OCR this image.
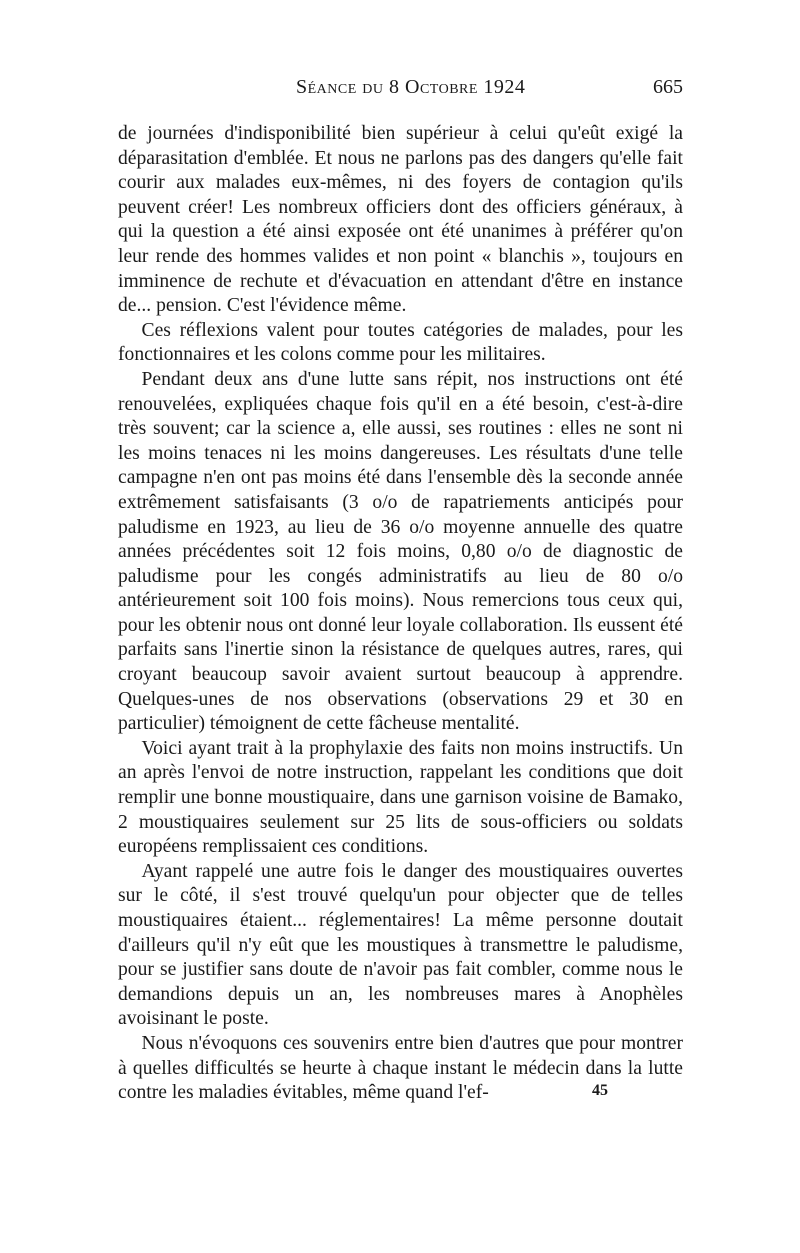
Séance du 8 Octobre 1924	665

de journées d'indisponibilité bien supérieur à celui qu'eût exigé la déparasitation d'emblée. Et nous ne parlons pas des dangers qu'elle fait courir aux malades eux-mêmes, ni des foyers de contagion qu'ils peuvent créer! Les nombreux officiers dont des officiers généraux, à qui la question a été ainsi exposée ont été unanimes à préférer qu'on leur rende des hommes valides et non point « blanchis », toujours en imminence de rechute et d'évacuation en attendant d'être en instance de... pension. C'est l'évidence même.

Ces réflexions valent pour toutes catégories de malades, pour les fonctionnaires et les colons comme pour les militaires.

Pendant deux ans d'une lutte sans répit, nos instructions ont été renouvelées, expliquées chaque fois qu'il en a été besoin, c'est-à-dire très souvent; car la science a, elle aussi, ses routines : elles ne sont ni les moins tenaces ni les moins dangereuses. Les résultats d'une telle campagne n'en ont pas moins été dans l'ensemble dès la seconde année extrêmement satisfaisants (3 o/o de rapatriements anticipés pour paludisme en 1923, au lieu de 36 o/o moyenne annuelle des quatre années précédentes soit 12 fois moins, 0,80 o/o de diagnostic de paludisme pour les congés administratifs au lieu de 80 o/o antérieurement soit 100 fois moins). Nous remercions tous ceux qui, pour les obtenir nous ont donné leur loyale collaboration. Ils eussent été parfaits sans l'inertie sinon la résistance de quelques autres, rares, qui croyant beaucoup savoir avaient surtout beaucoup à apprendre. Quelques-unes de nos observations (observations 29 et 30 en particulier) témoignent de cette fâcheuse mentalité.

Voici ayant trait à la prophylaxie des faits non moins instructifs. Un an après l'envoi de notre instruction, rappelant les conditions que doit remplir une bonne moustiquaire, dans une garnison voisine de Bamako, 2 moustiquaires seulement sur 25 lits de sous-officiers ou soldats européens remplissaient ces conditions.

Ayant rappelé une autre fois le danger des moustiquaires ouvertes sur le côté, il s'est trouvé quelqu'un pour objecter que de telles moustiquaires étaient... réglementaires! La même personne doutait d'ailleurs qu'il n'y eût que les moustiques à transmettre le paludisme, pour se justifier sans doute de n'avoir pas fait combler, comme nous le demandions depuis un an, les nombreuses mares à Anophèles avoisinant le poste.

Nous n'évoquons ces souvenirs entre bien d'autres que pour montrer à quelles difficultés se heurte à chaque instant le médecin dans la lutte contre les maladies évitables, même quand l'ef-	45
